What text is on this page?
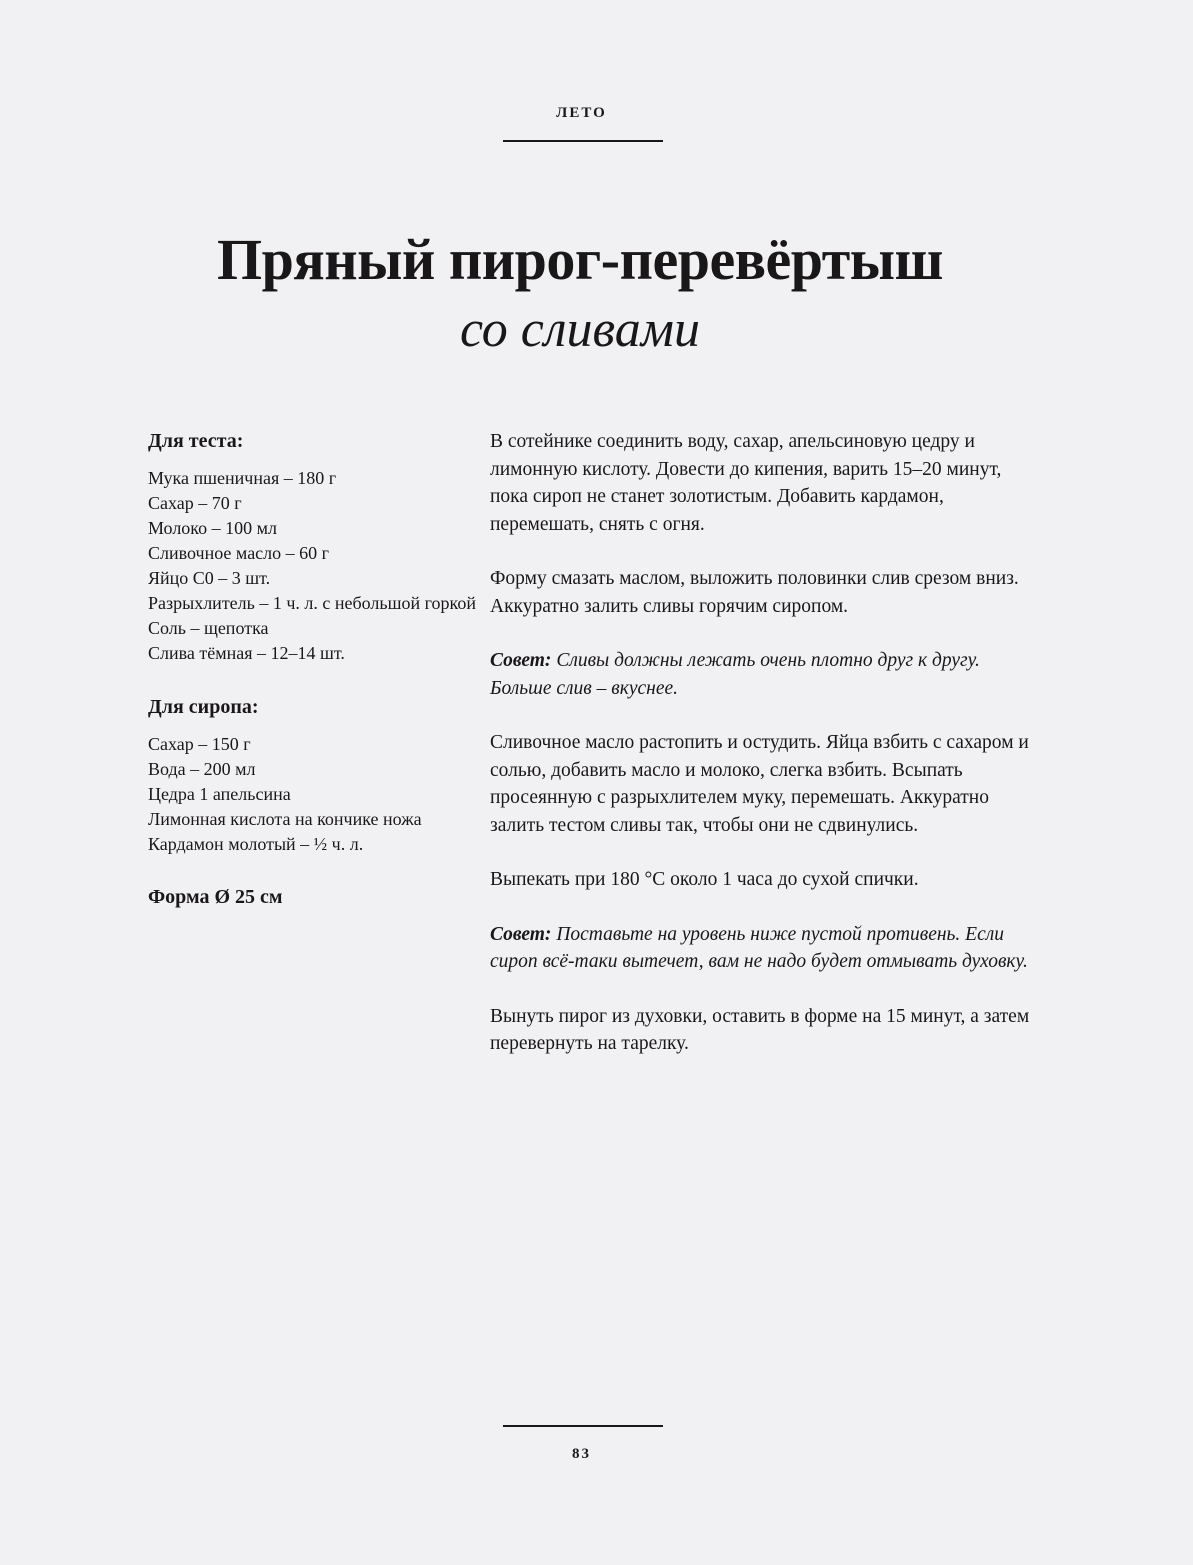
ЛЕТО
Пряный пирог-перевёртыш
со сливами
Для теста:
Мука пшеничная – 180 г
Сахар – 70 г
Молоко – 100 мл
Сливочное масло – 60 г
Яйцо С0 – 3 шт.
Разрыхлитель – 1 ч. л. с небольшой горкой
Соль – щепотка
Слива тёмная – 12–14 шт.
Для сиропа:
Сахар – 150 г
Вода – 200 мл
Цедра 1 апельсина
Лимонная кислота на кончике ножа
Кардамон молотый – ½ ч. л.
Форма Ø 25 см

В сотейнике соединить воду, сахар, апельсиновую цедру и лимонную кислоту. Довести до кипения, варить 15–20 минут, пока сироп не станет золотистым. Добавить кардамон, перемешать, снять с огня.

Форму смазать маслом, выложить половинки слив срезом вниз. Аккуратно залить сливы горячим сиропом.

Совет: Сливы должны лежать очень плотно друг к другу. Больше слив – вкуснее.

Сливочное масло растопить и остудить. Яйца взбить с сахаром и солью, добавить масло и молоко, слегка взбить. Всыпать просеянную с разрыхлителем муку, перемешать. Аккуратно залить тестом сливы так, чтобы они не сдвинулись.

Выпекать при 180 °С около 1 часа до сухой спички.

Совет: Поставьте на уровень ниже пустой противень. Если сироп всё-таки вытечет, вам не надо будет отмывать духовку.

Вынуть пирог из духовки, оставить в форме на 15 минут, а затем перевернуть на тарелку.

83
